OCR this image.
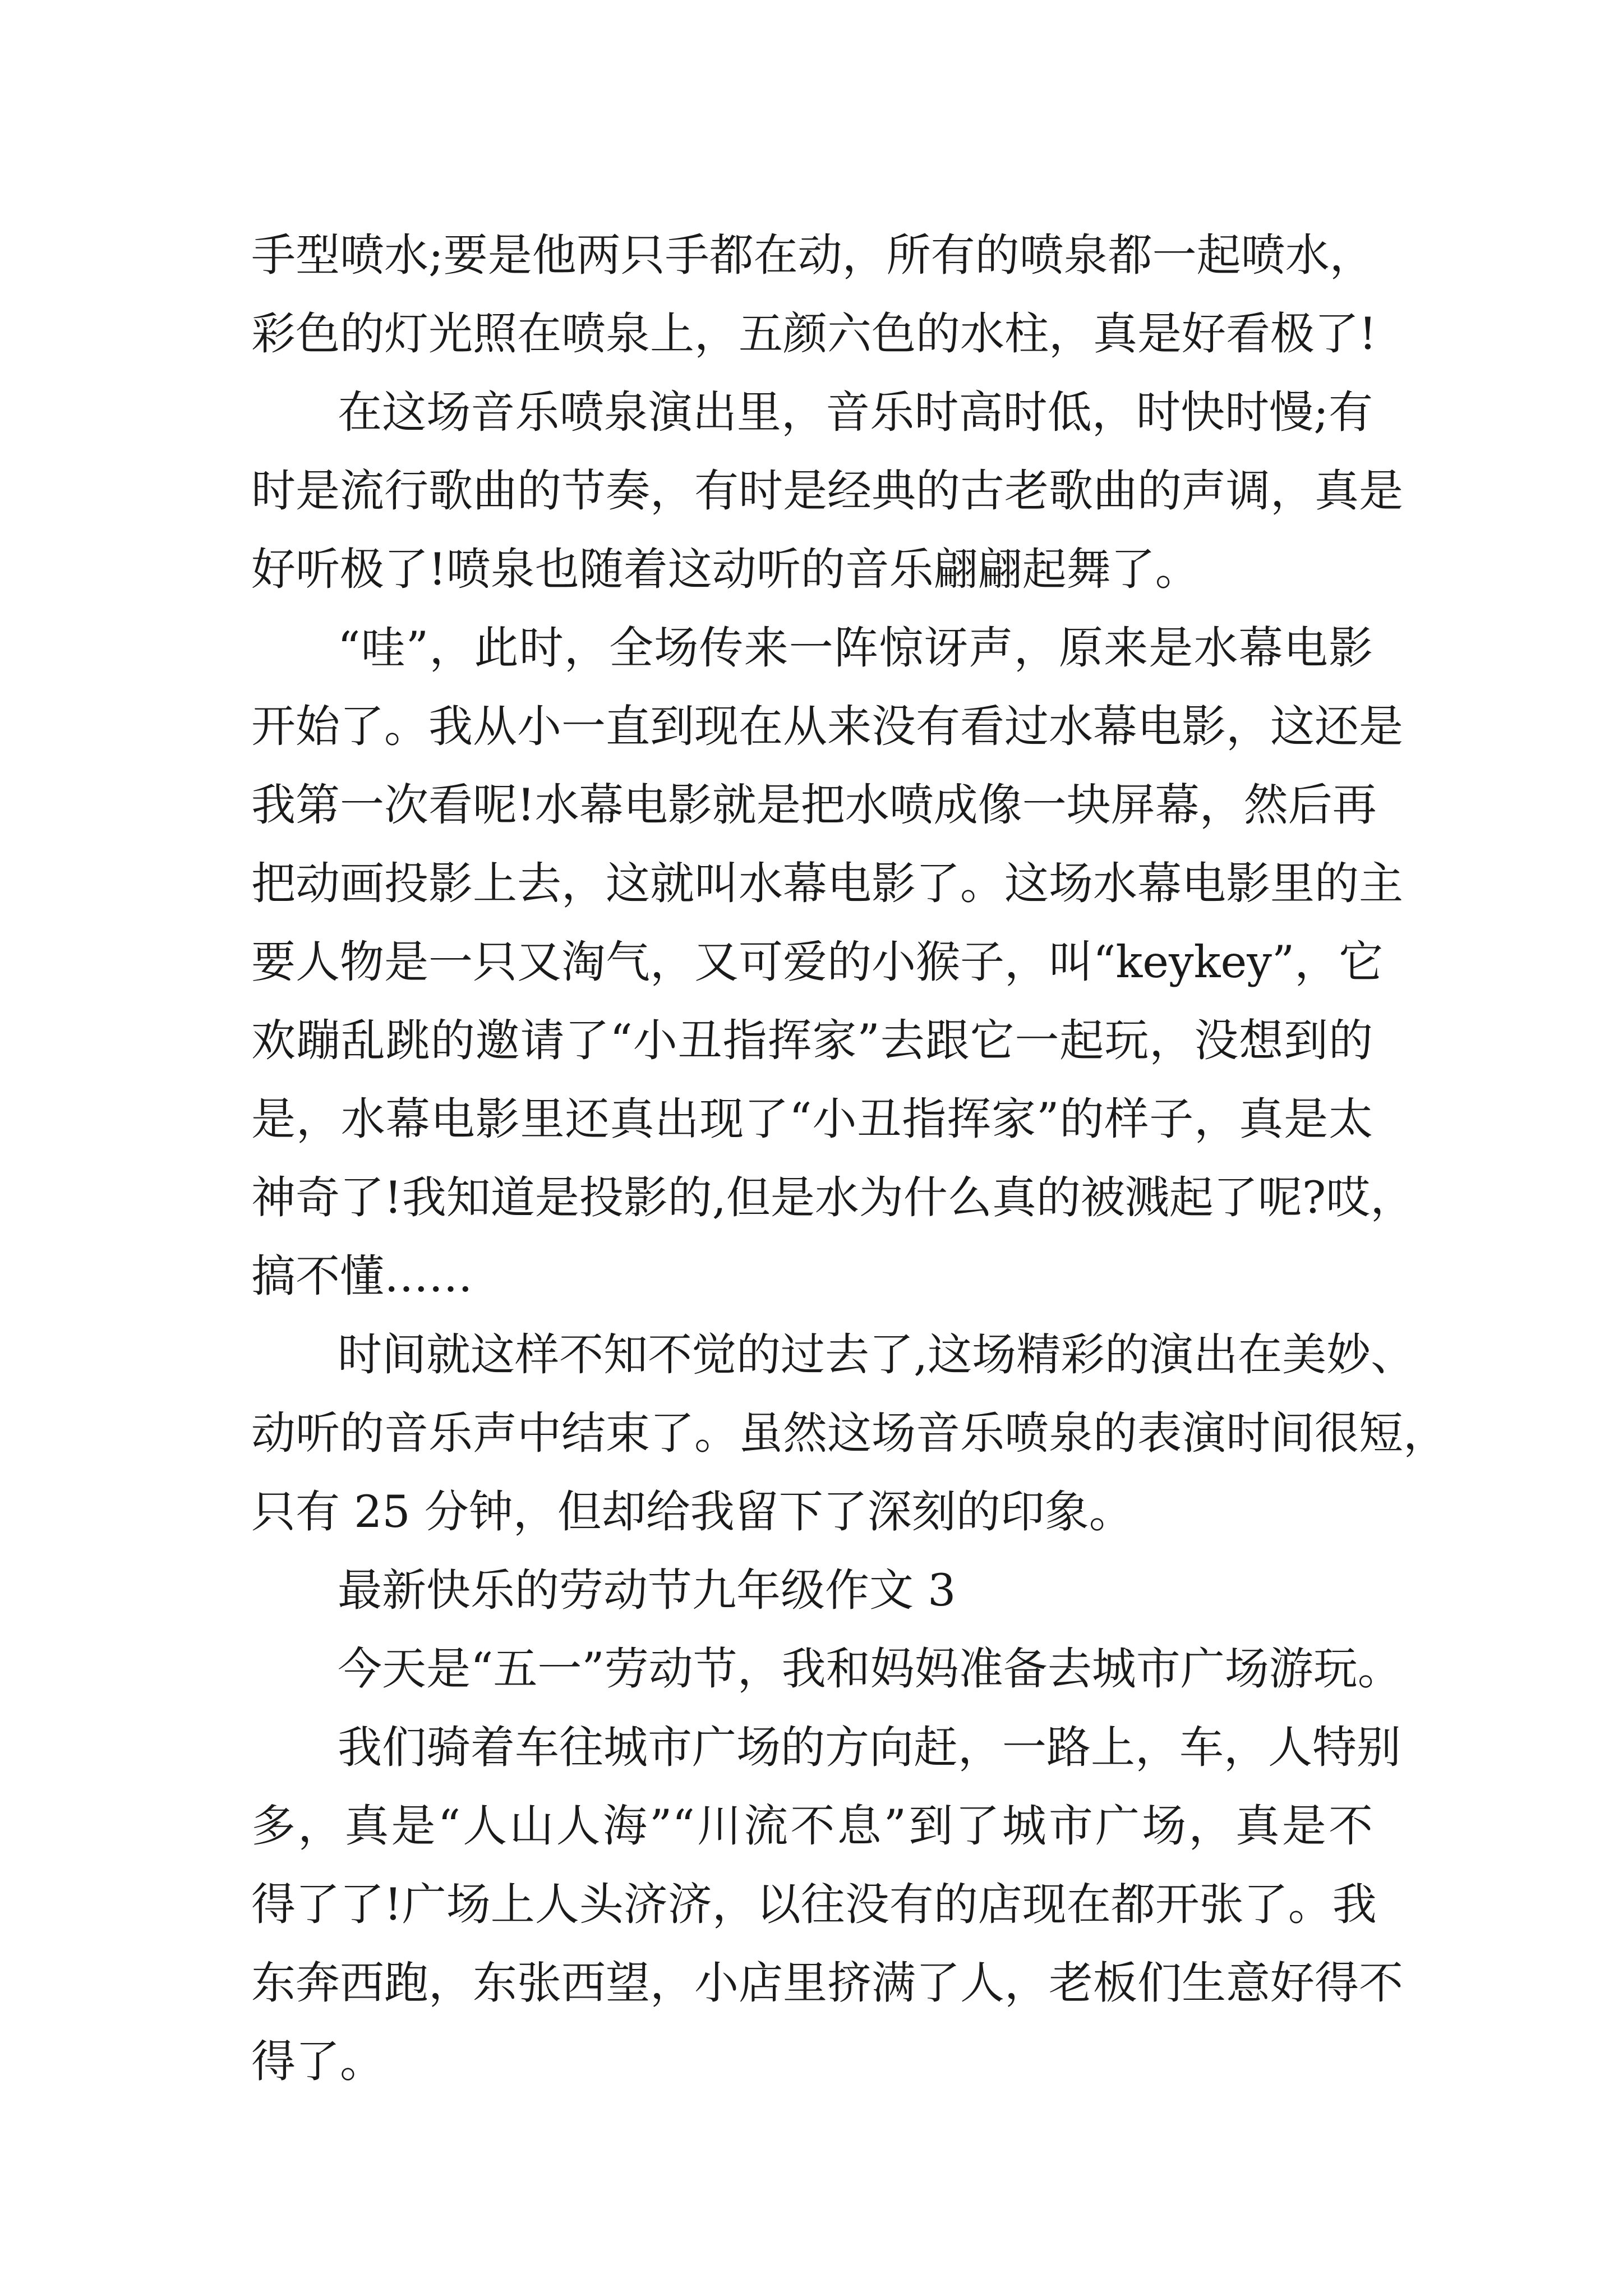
手型喷水;要是他两只手都在动，所有的喷泉都一起喷水，
彩色的灯光照在喷泉上，五颜六色的水柱，真是好看极了!
在这场音乐喷泉演出里，音乐时高时低，时快时慢;有
时是流行歌曲的节奏，有时是经典的古老歌曲的声调，真是
好听极了!喷泉也随着这动听的音乐翩翩起舞了。
“哇”，此时，全场传来一阵惊讶声，原来是水幕电影
开始了。我从小一直到现在从来没有看过水幕电影，这还是
我第一次看呢!水幕电影就是把水喷成像一块屏幕，然后再
把动画投影上去，这就叫水幕电影了。这场水幕电影里的主
要人物是一只又淘气，又可爱的小猴子，叫“keykey”，它
欢蹦乱跳的邀请了“小丑指挥家”去跟它一起玩，没想到的
是，水幕电影里还真出现了“小丑指挥家”的样子，真是太
神奇了!我知道是投影的,但是水为什么真的被溅起了呢?哎，
搞不懂……
时间就这样不知不觉的过去了,这场精彩的演出在美妙、
动听的音乐声中结束了。虽然这场音乐喷泉的表演时间很短，
只有 25 分钟，但却给我留下了深刻的印象。
最新快乐的劳动节九年级作文 3
今天是“五一”劳动节，我和妈妈准备去城市广场游玩。
我们骑着车往城市广场的方向赶，一路上，车，人特别
多，真是“人山人海”“川流不息”到了城市广场，真是不
得了了!广场上人头济济，以往没有的店现在都开张了。我
东奔西跑，东张西望，小店里挤满了人，老板们生意好得不
得了。
